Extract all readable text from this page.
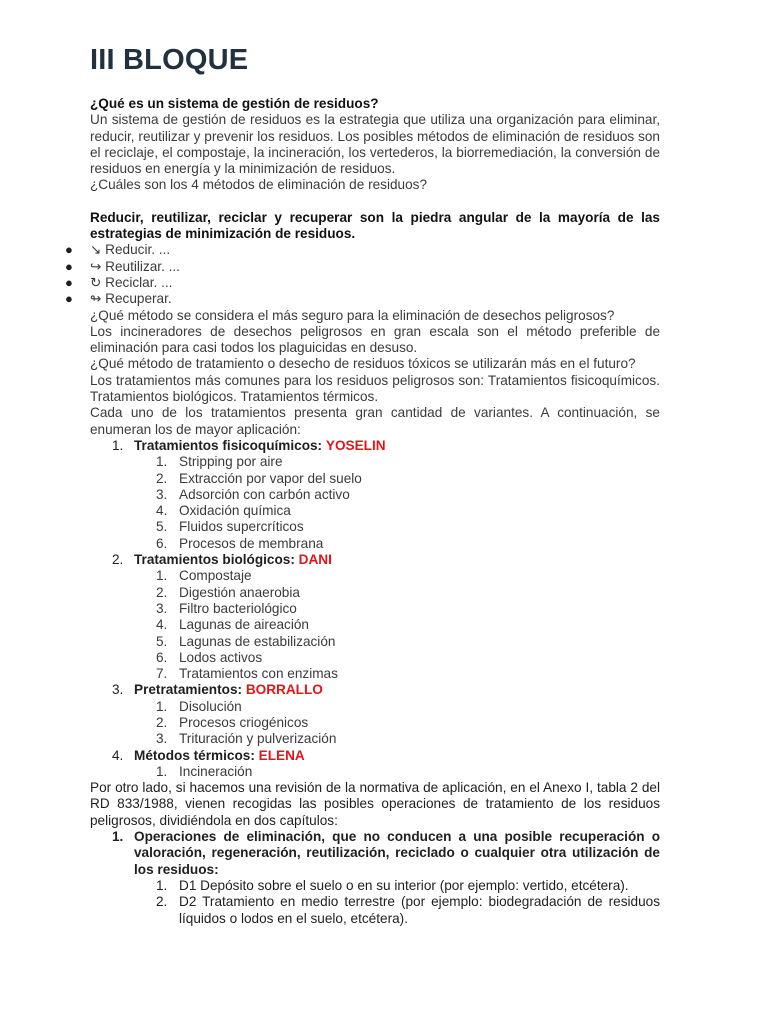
III BLOQUE

¿Qué es un sistema de gestión de residuos?

Un sistema de gestión de residuos es la estrategia que utiliza una organización para eliminar, reducir, reutilizar y prevenir los residuos. Los posibles métodos de eliminación de residuos son el reciclaje, el compostaje, la incineración, los vertederos, la biorremediación, la conversión de residuos en energía y la minimización de residuos.

¿Cuáles son los 4 métodos de eliminación de residuos?

Reducir, reutilizar, reciclar y recuperar son la piedra angular de la mayoría de las estrategias de minimización de residuos.

● ↘ Reducir. ...
● ↪ Reutilizar. ...
● ↻ Reciclar. ...
● ↬ Recuperar.

¿Qué método se considera el más seguro para la eliminación de desechos peligrosos?

Los incineradores de desechos peligrosos en gran escala son el método preferible de eliminación para casi todos los plaguicidas en desuso.

¿Qué método de tratamiento o desecho de residuos tóxicos se utilizarán más en el futuro?

Los tratamientos más comunes para los residuos peligrosos son: Tratamientos fisicoquímicos. Tratamientos biológicos. Tratamientos térmicos.

Cada uno de los tratamientos presenta gran cantidad de variantes. A continuación, se enumeran los de mayor aplicación:

1. Tratamientos fisicoquímicos: YOSELIN
1. Stripping por aire
2. Extracción por vapor del suelo
3. Adsorción con carbón activo
4. Oxidación química
5. Fluidos supercríticos
6. Procesos de membrana
2. Tratamientos biológicos: DANI
1. Compostaje
2. Digestión anaerobia
3. Filtro bacteriológico
4. Lagunas de aireación
5. Lagunas de estabilización
6. Lodos activos
7. Tratamientos con enzimas
3. Pretratamientos: BORRALLO
1. Disolución
2. Procesos criogénicos
3. Trituración y pulverización
4. Métodos térmicos: ELENA
1. Incineración

Por otro lado, si hacemos una revisión de la normativa de aplicación, en el Anexo I, tabla 2 del RD 833/1988, vienen recogidas las posibles operaciones de tratamiento de los residuos peligrosos, dividiéndola en dos capítulos:

1. Operaciones de eliminación, que no conducen a una posible recuperación o valoración, regeneración, reutilización, reciclado o cualquier otra utilización de los residuos:
1. D1 Depósito sobre el suelo o en su interior (por ejemplo: vertido, etcétera).
2. D2 Tratamiento en medio terrestre (por ejemplo: biodegradación de residuos líquidos o lodos en el suelo, etcétera).
